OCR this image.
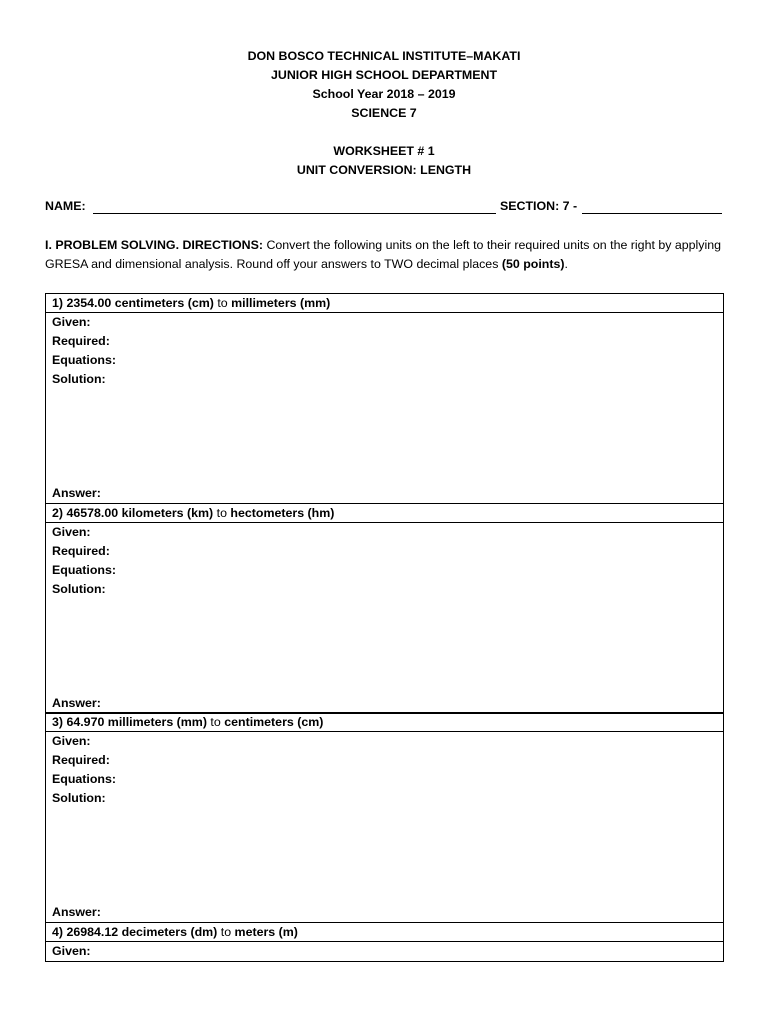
DON BOSCO TECHNICAL INSTITUTE–MAKATI
JUNIOR HIGH SCHOOL DEPARTMENT
School Year 2018 – 2019
SCIENCE 7
WORKSHEET # 1
UNIT CONVERSION: LENGTH
NAME:	SECTION: 7 -
I. PROBLEM SOLVING. DIRECTIONS: Convert the following units on the left to their required units on the right by applying GRESA and dimensional analysis. Round off your answers to TWO decimal places (50 points).
1) 2354.00 centimeters (cm) to millimeters (mm)
Given:
Required:
Equations:
Solution:
Answer:
2) 46578.00 kilometers (km) to hectometers (hm)
Given:
Required:
Equations:
Solution:
Answer:
3) 64.970 millimeters (mm) to centimeters (cm)
Given:
Required:
Equations:
Solution:
Answer:
4) 26984.12 decimeters (dm) to meters (m)
Given:
